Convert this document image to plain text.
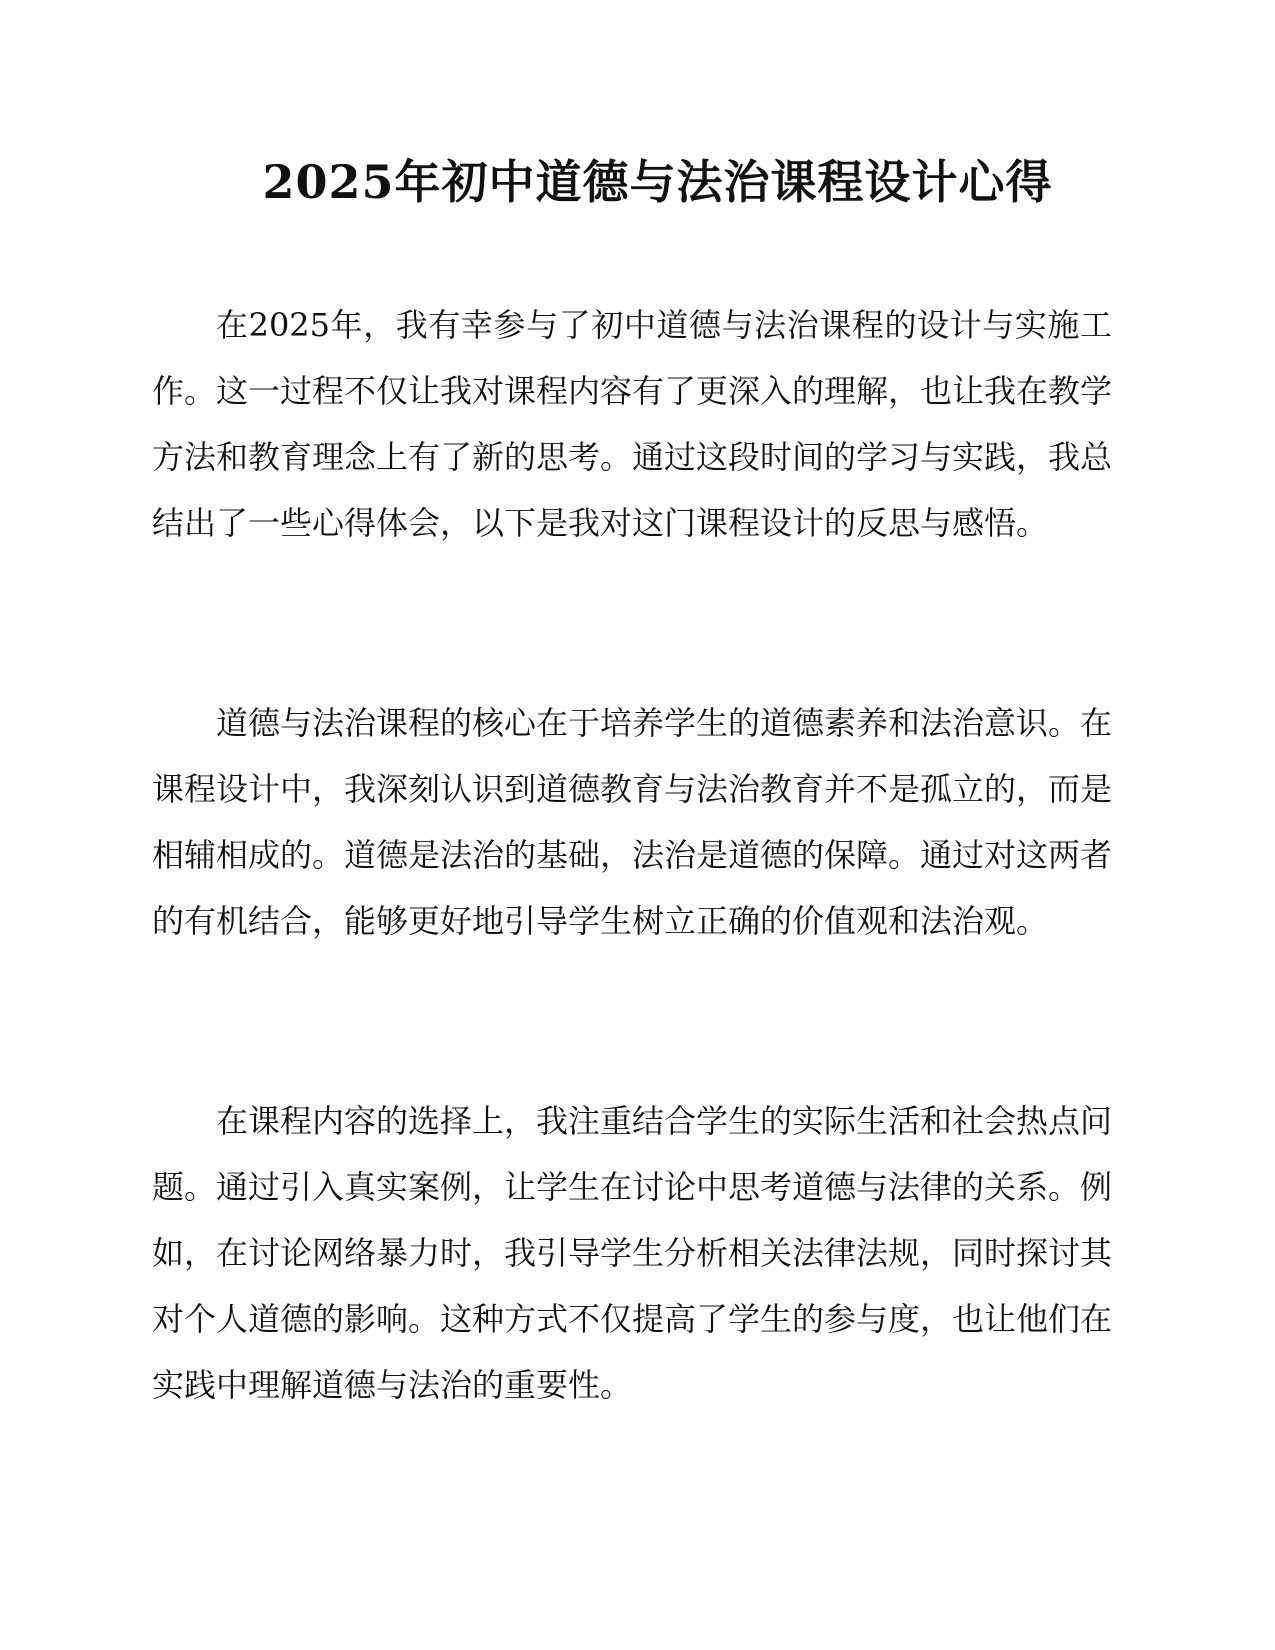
2025年初中道德与法治课程设计心得

在2025年，我有幸参与了初中道德与法治课程的设计与实施工作。这一过程不仅让我对课程内容有了更深入的理解，也让我在教学方法和教育理念上有了新的思考。通过这段时间的学习与实践，我总结出了一些心得体会，以下是我对这门课程设计的反思与感悟。

道德与法治课程的核心在于培养学生的道德素养和法治意识。在课程设计中，我深刻认识到道德教育与法治教育并不是孤立的，而是相辅相成的。道德是法治的基础，法治是道德的保障。通过对这两者的有机结合，能够更好地引导学生树立正确的价值观和法治观。

在课程内容的选择上，我注重结合学生的实际生活和社会热点问题。通过引入真实案例，让学生在讨论中思考道德与法律的关系。例如，在讨论网络暴力时，我引导学生分析相关法律法规，同时探讨其对个人道德的影响。这种方式不仅提高了学生的参与度，也让他们在实践中理解道德与法治的重要性。
